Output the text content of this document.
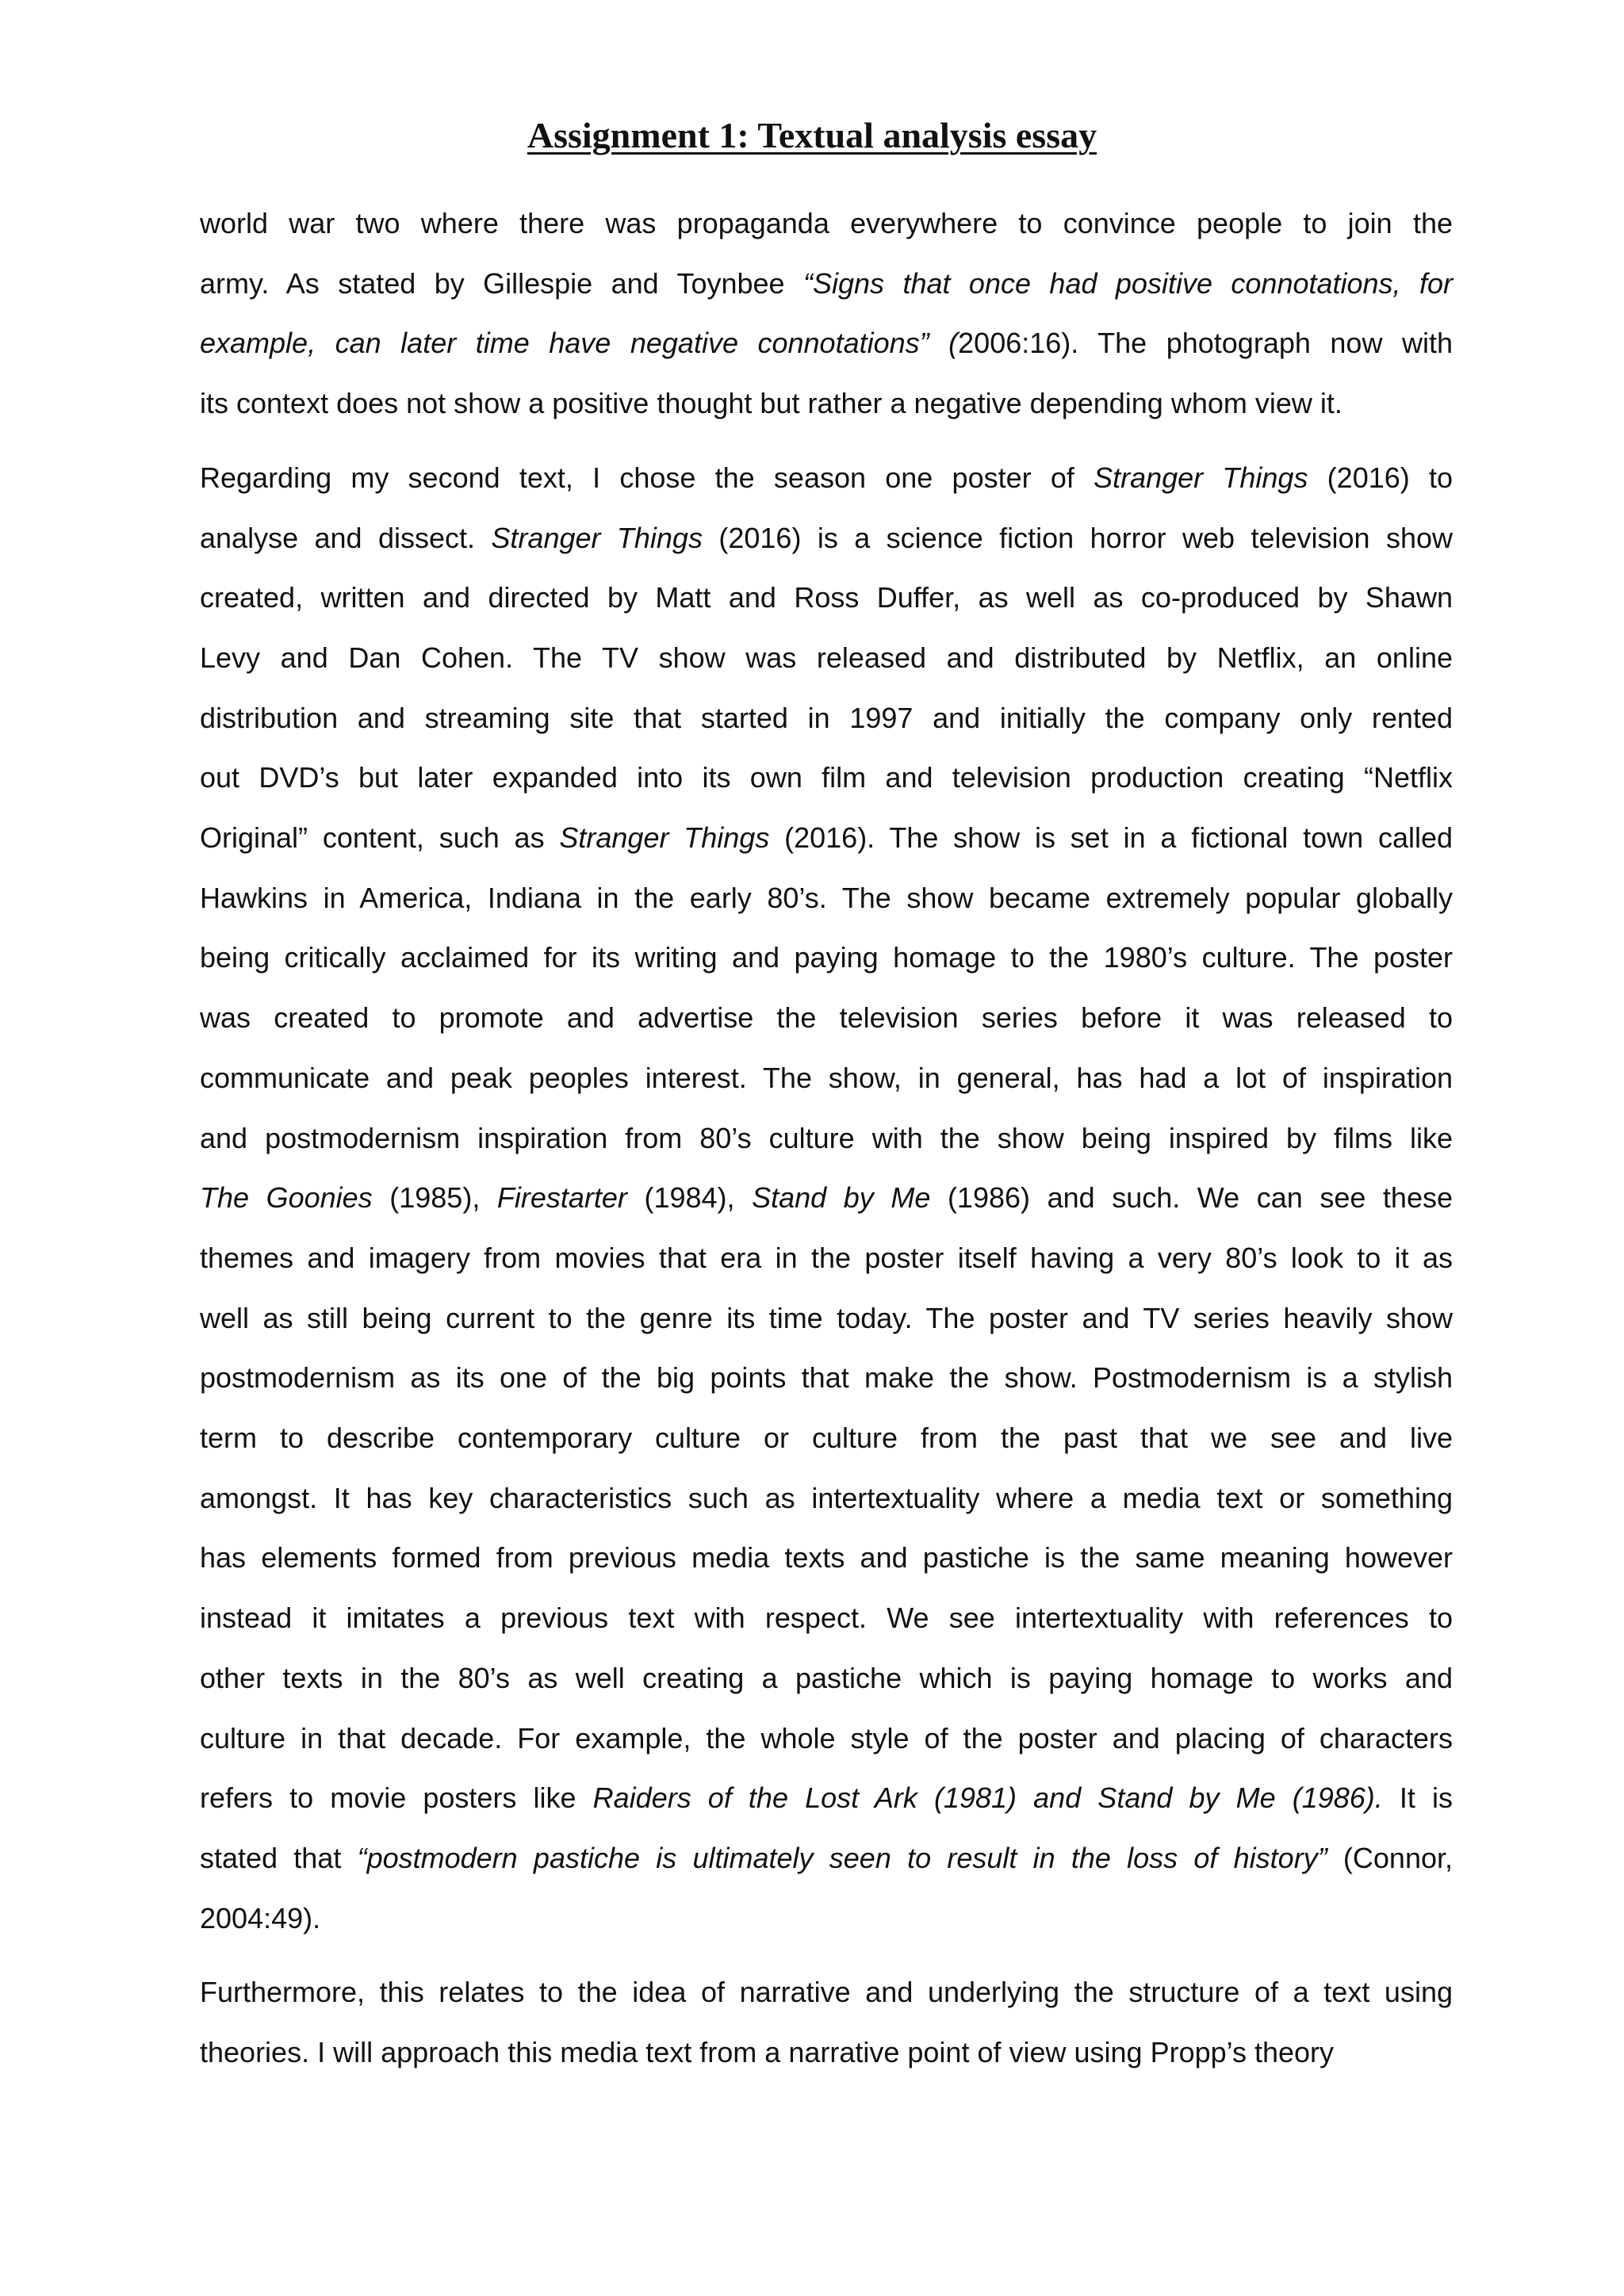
Assignment 1: Textual analysis essay

world war two where there was propaganda everywhere to convince people to join the
army. As stated by Gillespie and Toynbee “Signs that once had positive connotations, for
example, can later time have negative connotations” (2006:16). The photograph now with
its context does not show a positive thought but rather a negative depending whom view it.

Regarding my second text, I chose the season one poster of Stranger Things (2016) to
analyse and dissect. Stranger Things (2016) is a science fiction horror web television show
created, written and directed by Matt and Ross Duffer, as well as co-produced by Shawn
Levy and Dan Cohen. The TV show was released and distributed by Netflix, an online
distribution and streaming site that started in 1997 and initially the company only rented
out DVD’s but later expanded into its own film and television production creating “Netflix
Original” content, such as Stranger Things (2016). The show is set in a fictional town called
Hawkins in America, Indiana in the early 80’s. The show became extremely popular globally
being critically acclaimed for its writing and paying homage to the 1980’s culture. The poster
was created to promote and advertise the television series before it was released to
communicate and peak peoples interest. The show, in general, has had a lot of inspiration
and postmodernism inspiration from 80’s culture with the show being inspired by films like
The Goonies (1985), Firestarter (1984), Stand by Me (1986) and such. We can see these
themes and imagery from movies that era in the poster itself having a very 80’s look to it as
well as still being current to the genre its time today. The poster and TV series heavily show
postmodernism as its one of the big points that make the show. Postmodernism is a stylish
term to describe contemporary culture or culture from the past that we see and live
amongst. It has key characteristics such as intertextuality where a media text or something
has elements formed from previous media texts and pastiche is the same meaning however
instead it imitates a previous text with respect. We see intertextuality with references to
other texts in the 80’s as well creating a pastiche which is paying homage to works and
culture in that decade. For example, the whole style of the poster and placing of characters
refers to movie posters like Raiders of the Lost Ark (1981) and Stand by Me (1986). It is
stated that “postmodern pastiche is ultimately seen to result in the loss of history” (Connor,
2004:49).

Furthermore, this relates to the idea of narrative and underlying the structure of a text using
theories. I will approach this media text from a narrative point of view using Propp’s theory
